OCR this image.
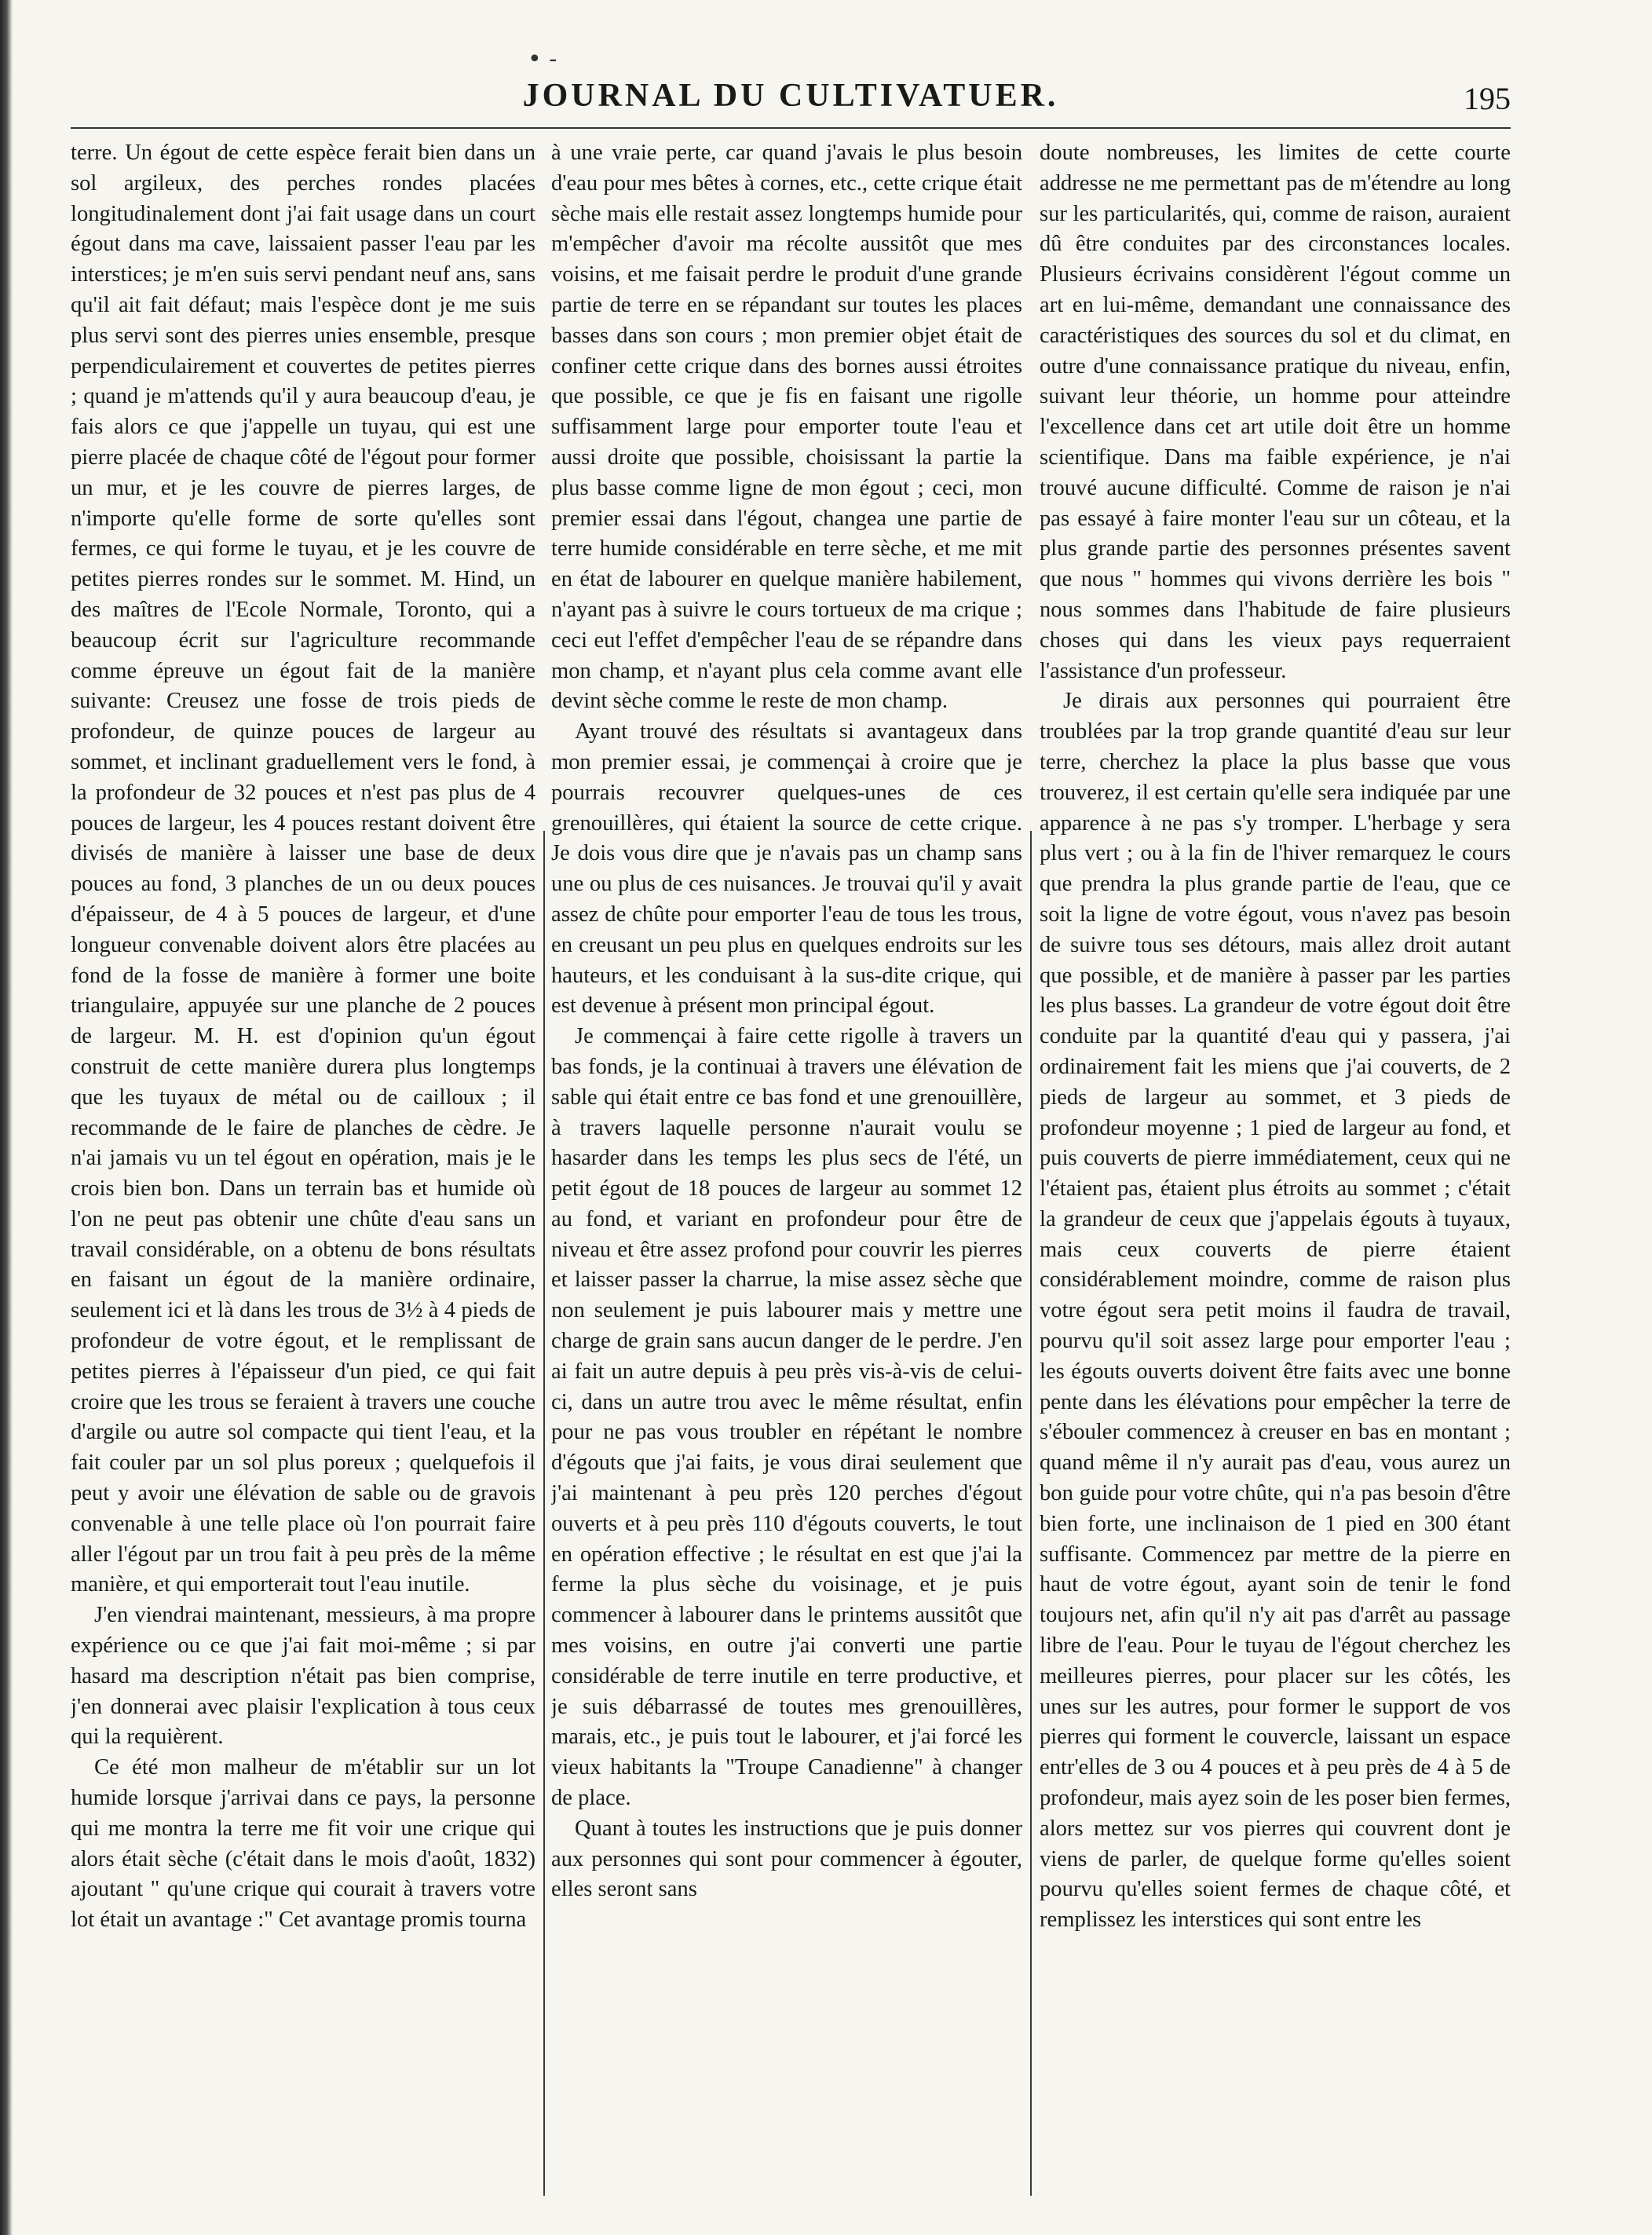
• -
JOURNAL DU CULTIVATUER.	195

terre. Un égout de cette espèce ferait bien dans un sol argileux, des perches rondes placées longitudinalement dont j'ai fait usage dans un court égout dans ma cave, laissaient passer l'eau par les interstices; je m'en suis servi pendant neuf ans, sans qu'il ait fait défaut; mais l'espèce dont je me suis plus servi sont des pierres unies ensemble, presque perpendiculairement et couvertes de petites pierres ; quand je m'attends qu'il y aura beaucoup d'eau, je fais alors ce que j'appelle un tuyau, qui est une pierre placée de chaque côté de l'égout pour former un mur, et je les couvre de pierres larges, de n'importe qu'elle forme de sorte qu'elles sont fermes, ce qui forme le tuyau, et je les couvre de petites pierres rondes sur le sommet. M. Hind, un des maîtres de l'Ecole Normale, Toronto, qui a beaucoup écrit sur l'agriculture recommande comme épreuve un égout fait de la manière suivante: Creusez une fosse de trois pieds de profondeur, de quinze pouces de largeur au sommet, et inclinant graduellement vers le fond, à la profondeur de 32 pouces et n'est pas plus de 4 pouces de largeur, les 4 pouces restant doivent être divisés de manière à laisser une base de deux pouces au fond, 3 planches de un ou deux pouces d'épaisseur, de 4 à 5 pouces de largeur, et d'une longueur convenable doivent alors être placées au fond de la fosse de manière à former une boite triangulaire, appuyée sur une planche de 2 pouces de largeur. M. H. est d'opinion qu'un égout construit de cette manière durera plus longtemps que les tuyaux de métal ou de cailloux ; il recommande de le faire de planches de cèdre. Je n'ai jamais vu un tel égout en opération, mais je le crois bien bon. Dans un terrain bas et humide où l'on ne peut pas obtenir une chûte d'eau sans un travail considérable, on a obtenu de bons résultats en faisant un égout de la manière ordinaire, seulement ici et là dans les trous de 3½ à 4 pieds de profondeur de votre égout, et le remplissant de petites pierres à l'épaisseur d'un pied, ce qui fait croire que les trous se feraient à travers une couche d'argile ou autre sol compacte qui tient l'eau, et la fait couler par un sol plus poreux ; quelquefois il peut y avoir une élévation de sable ou de gravois convenable à une telle place où l'on pourrait faire aller l'égout par un trou fait à peu près de la même manière, et qui emporterait tout l'eau inutile.

J'en viendrai maintenant, messieurs, à ma propre expérience ou ce que j'ai fait moi-même ; si par hasard ma description n'était pas bien comprise, j'en donnerai avec plaisir l'explication à tous ceux qui la requièrent.

Ce été mon malheur de m'établir sur un lot humide lorsque j'arrivai dans ce pays, la personne qui me montra la terre me fit voir une crique qui alors était sèche (c'était dans le mois d'août, 1832) ajoutant " qu'une crique qui courait à travers votre lot était un avantage :" Cet avantage promis tourna

à une vraie perte, car quand j'avais le plus besoin d'eau pour mes bêtes à cornes, etc., cette crique était sèche mais elle restait assez longtemps humide pour m'empêcher d'avoir ma récolte aussitôt que mes voisins, et me faisait perdre le produit d'une grande partie de terre en se répandant sur toutes les places basses dans son cours ; mon premier objet était de confiner cette crique dans des bornes aussi étroites que possible, ce que je fis en faisant une rigolle suffisamment large pour emporter toute l'eau et aussi droite que possible, choisissant la partie la plus basse comme ligne de mon égout ; ceci, mon premier essai dans l'égout, changea une partie de terre humide considérable en terre sèche, et me mit en état de labourer en quelque manière habilement, n'ayant pas à suivre le cours tortueux de ma crique ; ceci eut l'effet d'empêcher l'eau de se répandre dans mon champ, et n'ayant plus cela comme avant elle devint sèche comme le reste de mon champ.

Ayant trouvé des résultats si avantageux dans mon premier essai, je commençai à croire que je pourrais recouvrer quelques-unes de ces grenouillères, qui étaient la source de cette crique. Je dois vous dire que je n'avais pas un champ sans une ou plus de ces nuisances. Je trouvai qu'il y avait assez de chûte pour emporter l'eau de tous les trous, en creusant un peu plus en quelques endroits sur les hauteurs, et les conduisant à la sus-dite crique, qui est devenue à présent mon principal égout.

Je commençai à faire cette rigolle à travers un bas fonds, je la continuai à travers une élévation de sable qui était entre ce bas fond et une grenouillère, à travers laquelle personne n'aurait voulu se hasarder dans les temps les plus secs de l'été, un petit égout de 18 pouces de largeur au sommet 12 au fond, et variant en profondeur pour être de niveau et être assez profond pour couvrir les pierres et laisser passer la charrue, la mise assez sèche que non seulement je puis labourer mais y mettre une charge de grain sans aucun danger de le perdre. J'en ai fait un autre depuis à peu près vis-à-vis de celui-ci, dans un autre trou avec le même résultat, enfin pour ne pas vous troubler en répétant le nombre d'égouts que j'ai faits, je vous dirai seulement que j'ai maintenant à peu près 120 perches d'égout ouverts et à peu près 110 d'égouts couverts, le tout en opération effective ; le résultat en est que j'ai la ferme la plus sèche du voisinage, et je puis commencer à labourer dans le printems aussitôt que mes voisins, en outre j'ai converti une partie considérable de terre inutile en terre productive, et je suis débarrassé de toutes mes grenouillères, marais, etc., je puis tout le labourer, et j'ai forcé les vieux habitants la "Troupe Canadienne" à changer de place.

Quant à toutes les instructions que je puis donner aux personnes qui sont pour commencer à égouter, elles seront sans

doute nombreuses, les limites de cette courte addresse ne me permettant pas de m'étendre au long sur les particularités, qui, comme de raison, auraient dû être conduites par des circonstances locales. Plusieurs écrivains considèrent l'égout comme un art en lui-même, demandant une connaissance des caractéristiques des sources du sol et du climat, en outre d'une connaissance pratique du niveau, enfin, suivant leur théorie, un homme pour atteindre l'excellence dans cet art utile doit être un homme scientifique. Dans ma faible expérience, je n'ai trouvé aucune difficulté. Comme de raison je n'ai pas essayé à faire monter l'eau sur un côteau, et la plus grande partie des personnes présentes savent que nous " hommes qui vivons derrière les bois " nous sommes dans l'habitude de faire plusieurs choses qui dans les vieux pays requerraient l'assistance d'un professeur.

Je dirais aux personnes qui pourraient être troublées par la trop grande quantité d'eau sur leur terre, cherchez la place la plus basse que vous trouverez, il est certain qu'elle sera indiquée par une apparence à ne pas s'y tromper. L'herbage y sera plus vert ; ou à la fin de l'hiver remarquez le cours que prendra la plus grande partie de l'eau, que ce soit la ligne de votre égout, vous n'avez pas besoin de suivre tous ses détours, mais allez droit autant que possible, et de manière à passer par les parties les plus basses. La grandeur de votre égout doit être conduite par la quantité d'eau qui y passera, j'ai ordinairement fait les miens que j'ai couverts, de 2 pieds de largeur au sommet, et 3 pieds de profondeur moyenne ; 1 pied de largeur au fond, et puis couverts de pierre immédiatement, ceux qui ne l'étaient pas, étaient plus étroits au sommet ; c'était la grandeur de ceux que j'appelais égouts à tuyaux, mais ceux couverts de pierre étaient considérablement moindre, comme de raison plus votre égout sera petit moins il faudra de travail, pourvu qu'il soit assez large pour emporter l'eau ; les égouts ouverts doivent être faits avec une bonne pente dans les élévations pour empêcher la terre de s'ébouler commencez à creuser en bas en montant ; quand même il n'y aurait pas d'eau, vous aurez un bon guide pour votre chûte, qui n'a pas besoin d'être bien forte, une inclinaison de 1 pied en 300 étant suffisante. Commencez par mettre de la pierre en haut de votre égout, ayant soin de tenir le fond toujours net, afin qu'il n'y ait pas d'arrêt au passage libre de l'eau. Pour le tuyau de l'égout cherchez les meilleures pierres, pour placer sur les côtés, les unes sur les autres, pour former le support de vos pierres qui forment le couvercle, laissant un espace entr'elles de 3 ou 4 pouces et à peu près de 4 à 5 de profondeur, mais ayez soin de les poser bien fermes, alors mettez sur vos pierres qui couvrent dont je viens de parler, de quelque forme qu'elles soient pourvu qu'elles soient fermes de chaque côté, et remplissez les interstices qui sont entre les
